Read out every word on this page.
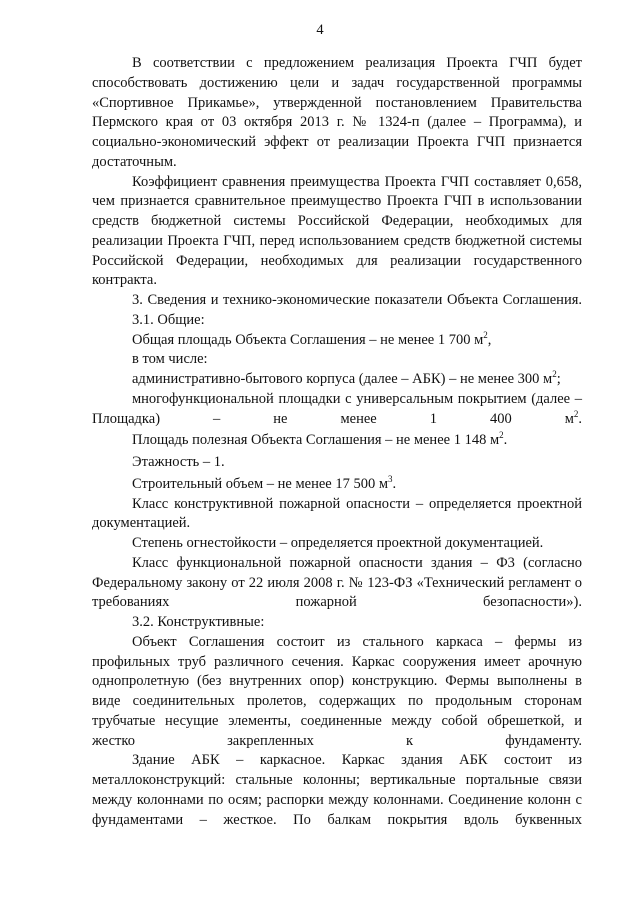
4

В соответствии с предложением реализация Проекта ГЧП будет способствовать достижению цели и задач государственной программы «Спортивное Прикамье», утвержденной постановлением Правительства Пермского края от 03 октября 2013 г. № 1324-п (далее – Программа), и социально-экономический эффект от реализации Проекта ГЧП признается достаточным.

Коэффициент сравнения преимущества Проекта ГЧП составляет 0,658, чем признается сравнительное преимущество Проекта ГЧП в использовании средств бюджетной системы Российской Федерации, необходимых для реализации Проекта ГЧП, перед использованием средств бюджетной системы Российской Федерации, необходимых для реализации государственного контракта.

3. Сведения и технико-экономические показатели Объекта Соглашения.

3.1. Общие:

Общая площадь Объекта Соглашения – не менее 1 700 $м^2$,

в том числе:

административно-бытового корпуса (далее – АБК) – не менее 300 $м^2$;

многофункциональной площадки с универсальным покрытием (далее – Площадка) – не менее 1 400 $м^2$.

Площадь полезная Объекта Соглашения – не менее 1 148 $м^2$.

Этажность – 1.

Строительный объем – не менее 17 500 $м^3$.

Класс конструктивной пожарной опасности – определяется проектной документацией.

Степень огнестойкости – определяется проектной документацией.

Класс функциональной пожарной опасности здания – Ф3 (согласно Федеральному закону от 22 июля 2008 г. № 123-ФЗ «Технический регламент о требованиях пожарной безопасности»).

3.2. Конструктивные:

Объект Соглашения состоит из стального каркаса – фермы из профильных труб различного сечения. Каркас сооружения имеет арочную однопролетную (без внутренних опор) конструкцию. Фермы выполнены в виде соединительных пролетов, содержащих по продольным сторонам трубчатые несущие элементы, соединенные между собой обрешеткой, и жестко закрепленных к фундаменту.

Здание АБК – каркасное. Каркас здания АБК состоит из металлоконструкций: стальные колонны; вертикальные портальные связи между колоннами по осям; распорки между колоннами. Соединение колонн с фундаментами – жесткое. По балкам покрытия вдоль буквенных
